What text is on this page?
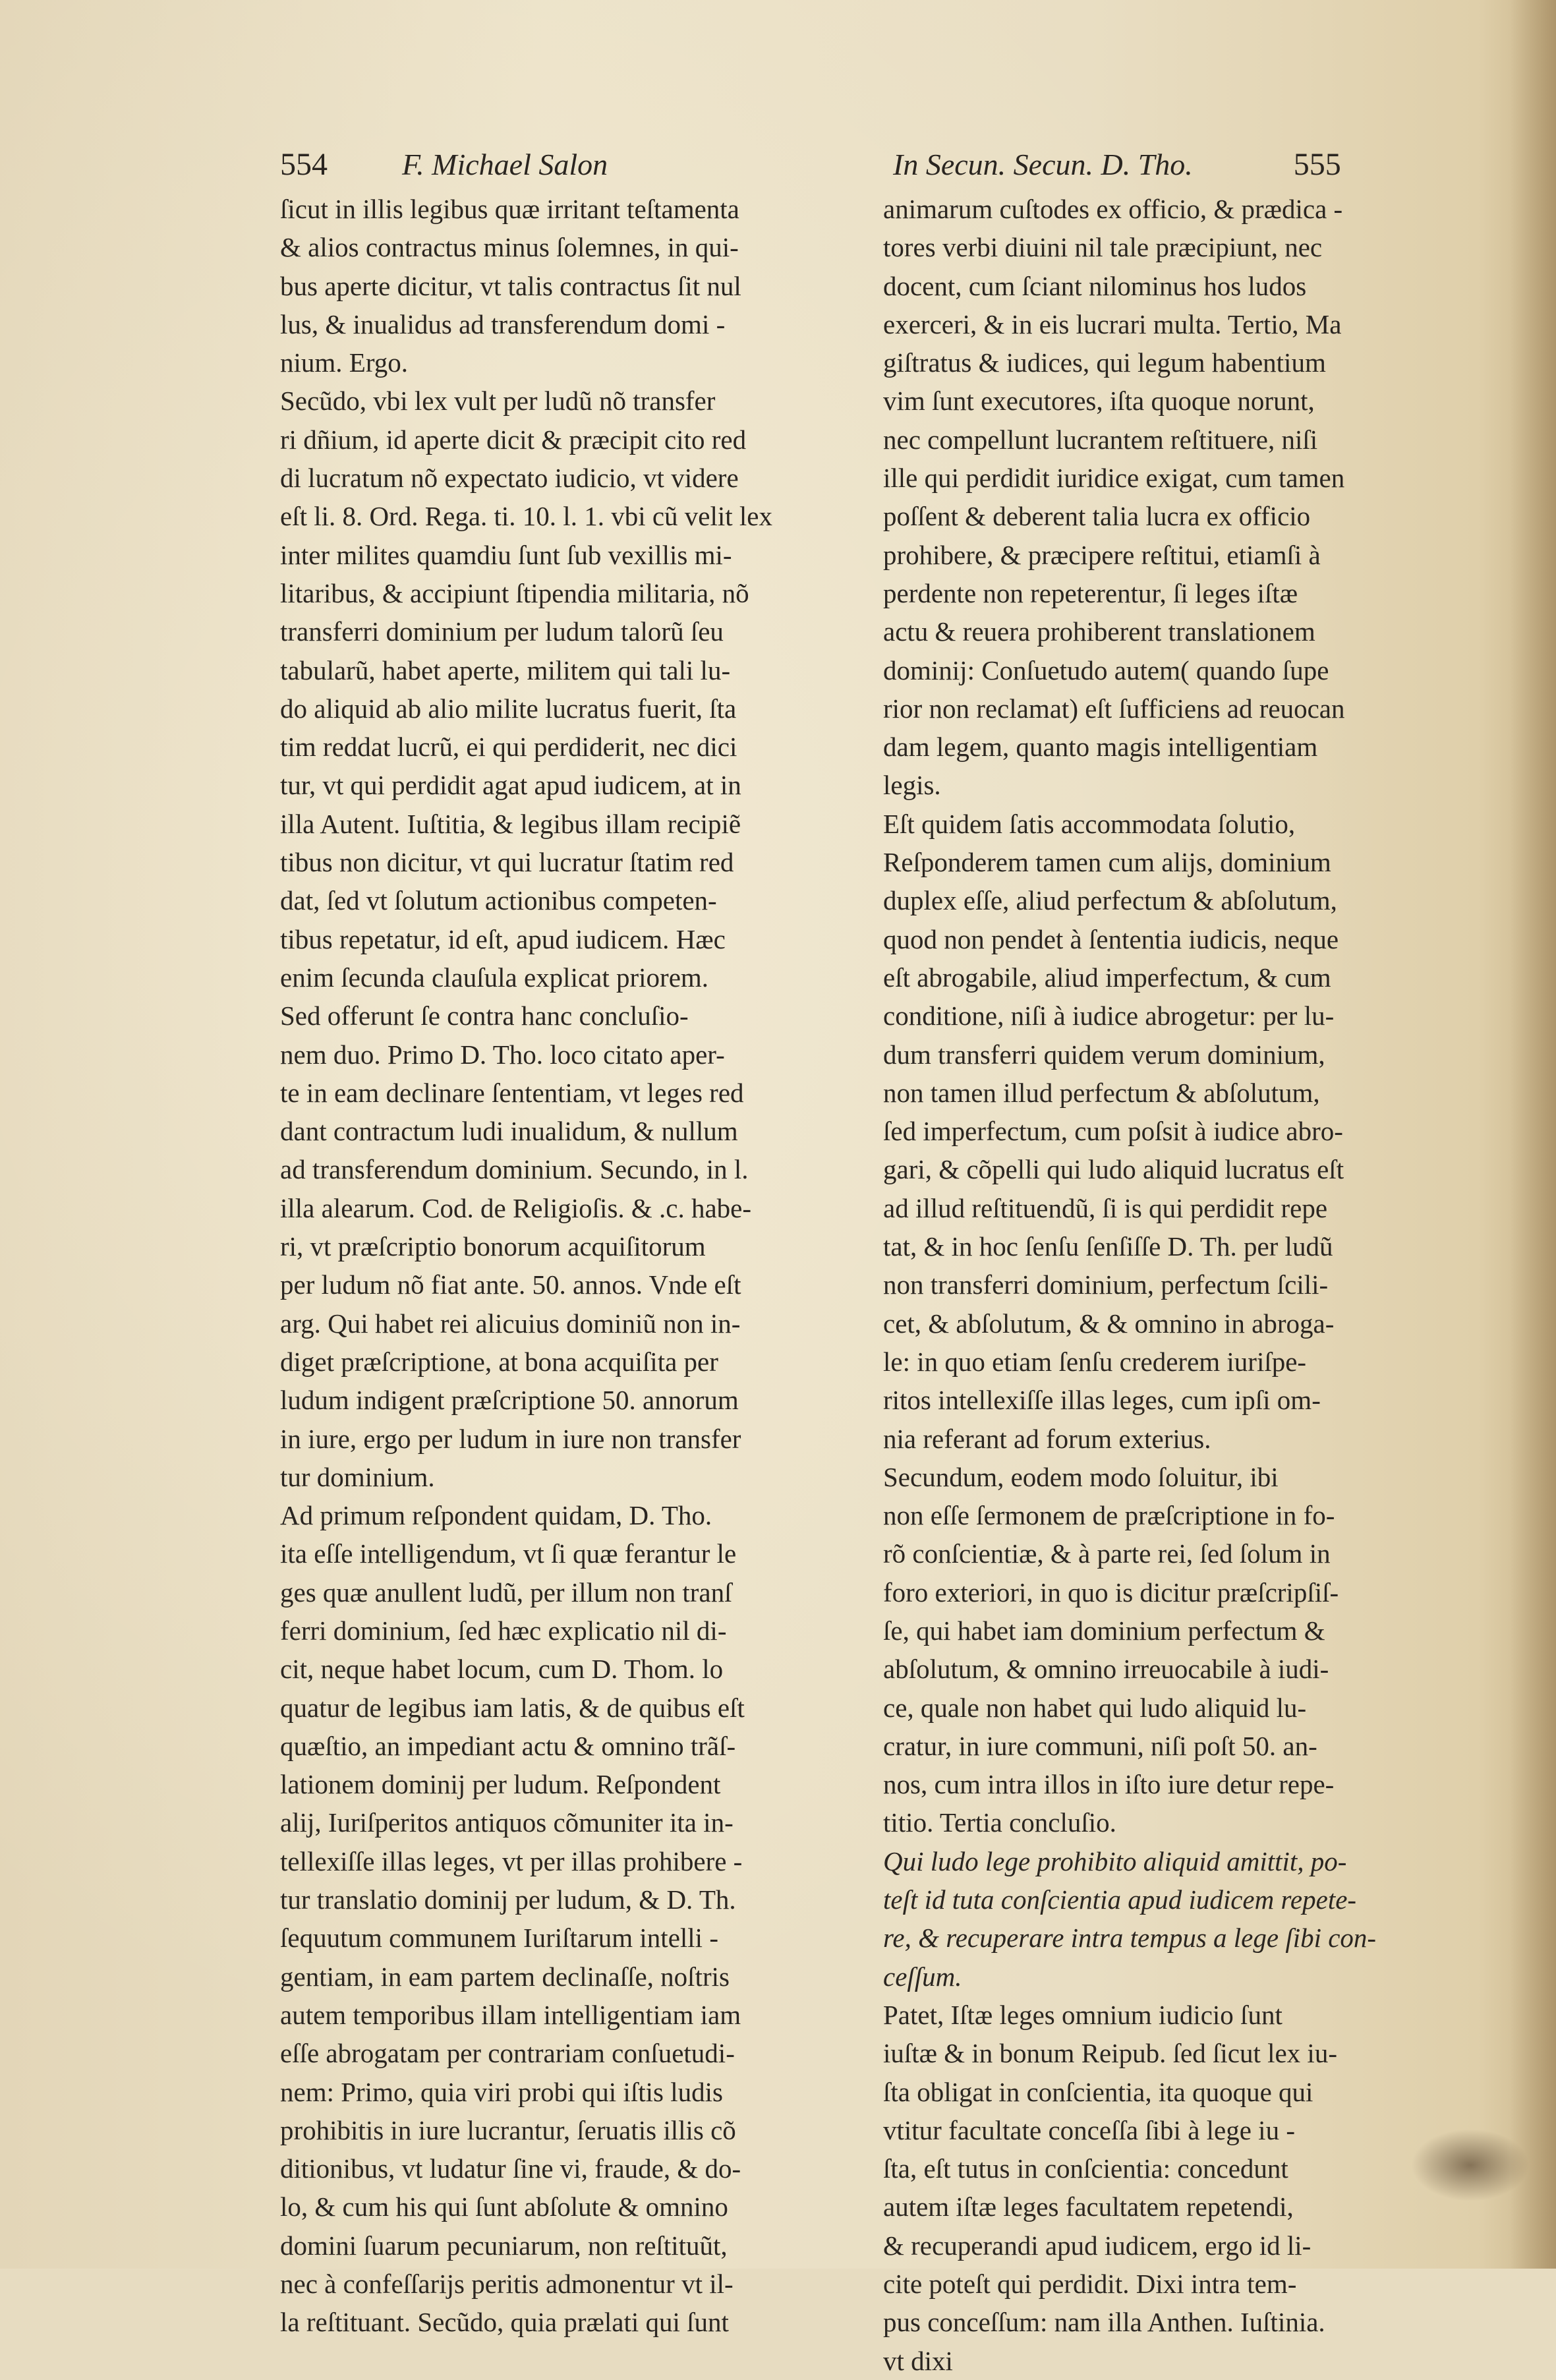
554 F. Michael Salon	In Secun. Secun. D. Tho.	555
ſicut in illis legibus quæ irritant teſtamenta
& alios contractus minus ſolemnes, in qui-
bus aperte dicitur, vt talis contractus ſit nul
lus, & inualidus ad transferendum domi -
nium. Ergo.
Secũdo, vbi lex vult per ludũ nõ transfer
ri dñium, id aperte dicit & præcipit cito red
di lucratum nõ expectato iudicio, vt videre
eſt li. 8. Ord. Rega. ti. 10. l. 1. vbi cũ velit lex
inter milites quamdiu ſunt ſub vexillis mi-
litaribus, & accipiunt ſtipendia militaria, nõ
transferri dominium per ludum talorũ ſeu
tabularũ, habet aperte, militem qui tali lu-
do aliquid ab alio milite lucratus fuerit, ſta
tim reddat lucrũ, ei qui perdiderit, nec dici
tur, vt qui perdidit agat apud iudicem, at in
illa Autent. Iuſtitia, & legibus illam recipiẽ
tibus non dicitur, vt qui lucratur ſtatim red
dat, ſed vt ſolutum actionibus competen-
tibus repetatur, id eſt, apud iudicem. Hæc
enim ſecunda clauſula explicat priorem.
Sed offerunt ſe contra hanc concluſio-
nem duo. Primo D. Tho. loco citato aper-
te in eam declinare ſententiam, vt leges red
dant contractum ludi inualidum, & nullum
ad transferendum dominium. Secundo, in l.
illa alearum. Cod. de Religioſis. & .c. habe-
ri, vt præſcriptio bonorum acquiſitorum
per ludum nõ fiat ante. 50. annos. Vnde eſt
arg. Qui habet rei alicuius dominiũ non in-
diget præſcriptione, at bona acquiſita per
ludum indigent præſcriptione 50. annorum
in iure, ergo per ludum in iure non transfer
tur dominium.
Ad primum reſpondent quidam, D. Tho.
ita eſſe intelligendum, vt ſi quæ ferantur le
ges quæ anullent ludũ, per illum non tranſ
ferri dominium, ſed hæc explicatio nil di-
cit, neque habet locum, cum D. Thom. lo
quatur de legibus iam latis, & de quibus eſt
quæſtio, an impediant actu & omnino trãſ-
lationem dominij per ludum. Reſpondent
alij, Iuriſperitos antiquos cõmuniter ita in-
tellexiſſe illas leges, vt per illas prohibere -
tur translatio dominij per ludum, & D. Th.
ſequutum communem Iuriſtarum intelli -
gentiam, in eam partem declinaſſe, noſtris
autem temporibus illam intelligentiam iam
eſſe abrogatam per contrariam conſuetudi-
nem: Primo, quia viri probi qui iſtis ludis
prohibitis in iure lucrantur, ſeruatis illis cõ
ditionibus, vt ludatur ſine vi, fraude, & do-
lo, & cum his qui ſunt abſolute & omnino
domini ſuarum pecuniarum, non reſtituũt,
nec à confeſſarijs peritis admonentur vt il-
la reſtituant. Secũdo, quia prælati qui ſunt
animarum cuſtodes ex officio, & prædica -
tores verbi diuini nil tale præcipiunt, nec
docent, cum ſciant nilominus hos ludos
exerceri, & in eis lucrari multa. Tertio, Ma
giſtratus & iudices, qui legum habentium
vim ſunt executores, iſta quoque norunt,
nec compellunt lucrantem reſtituere, niſi
ille qui perdidit iuridice exigat, cum tamen
poſſent & deberent talia lucra ex officio
prohibere, & præcipere reſtitui, etiamſi à
perdente non repeterentur, ſi leges iſtæ
actu & reuera prohiberent translationem
dominij: Conſuetudo autem( quando ſupe
rior non reclamat) eſt ſufficiens ad reuocan
dam legem, quanto magis intelligentiam
legis.
Eſt quidem ſatis accommodata ſolutio,
Reſponderem tamen cum alijs, dominium
duplex eſſe, aliud perfectum & abſolutum,
quod non pendet à ſententia iudicis, neque
eſt abrogabile, aliud imperfectum, & cum
conditione, niſi à iudice abrogetur: per lu-
dum transferri quidem verum dominium,
non tamen illud perfectum & abſolutum,
ſed imperfectum, cum poſsit à iudice abro-
gari, & cõpelli qui ludo aliquid lucratus eſt
ad illud reſtituendũ, ſi is qui perdidit repe
tat, & in hoc ſenſu ſenſiſſe D. Th. per ludũ
non transferri dominium, perfectum ſcili-
cet, & abſolutum, & & omnino in abroga-
le: in quo etiam ſenſu crederem iuriſpe-
ritos intellexiſſe illas leges, cum ipſi om-
nia referant ad forum exterius.
Secundum, eodem modo ſoluitur, ibi
non eſſe ſermonem de præſcriptione in fo-
rõ conſcientiæ, & à parte rei, ſed ſolum in
foro exteriori, in quo is dicitur præſcripſiſ-
ſe, qui habet iam dominium perfectum &
abſolutum, & omnino irreuocabile à iudi-
ce, quale non habet qui ludo aliquid lu-
cratur, in iure communi, niſi poſt 50. an-
nos, cum intra illos in iſto iure detur repe-
titio. Tertia concluſio.
Qui ludo lege prohibito aliquid amittit, po-
teſt id tuta conſcientia apud iudicem repete-
re, & recuperare intra tempus a lege ſibi con-
ceſſum.
Patet, Iſtæ leges omnium iudicio ſunt
iuſtæ & in bonum Reipub. ſed ſicut lex iu-
ſta obligat in conſcientia, ita quoque qui
vtitur facultate conceſſa ſibi à lege iu -
ſta, eſt tutus in conſcientia: concedunt
autem iſtæ leges facultatem repetendi,
& recuperandi apud iudicem, ergo id li-
cite poteſt qui perdidit. Dixi intra tem-
pus conceſſum: nam illa Anthen. Iuſtinia.
vt dixi
